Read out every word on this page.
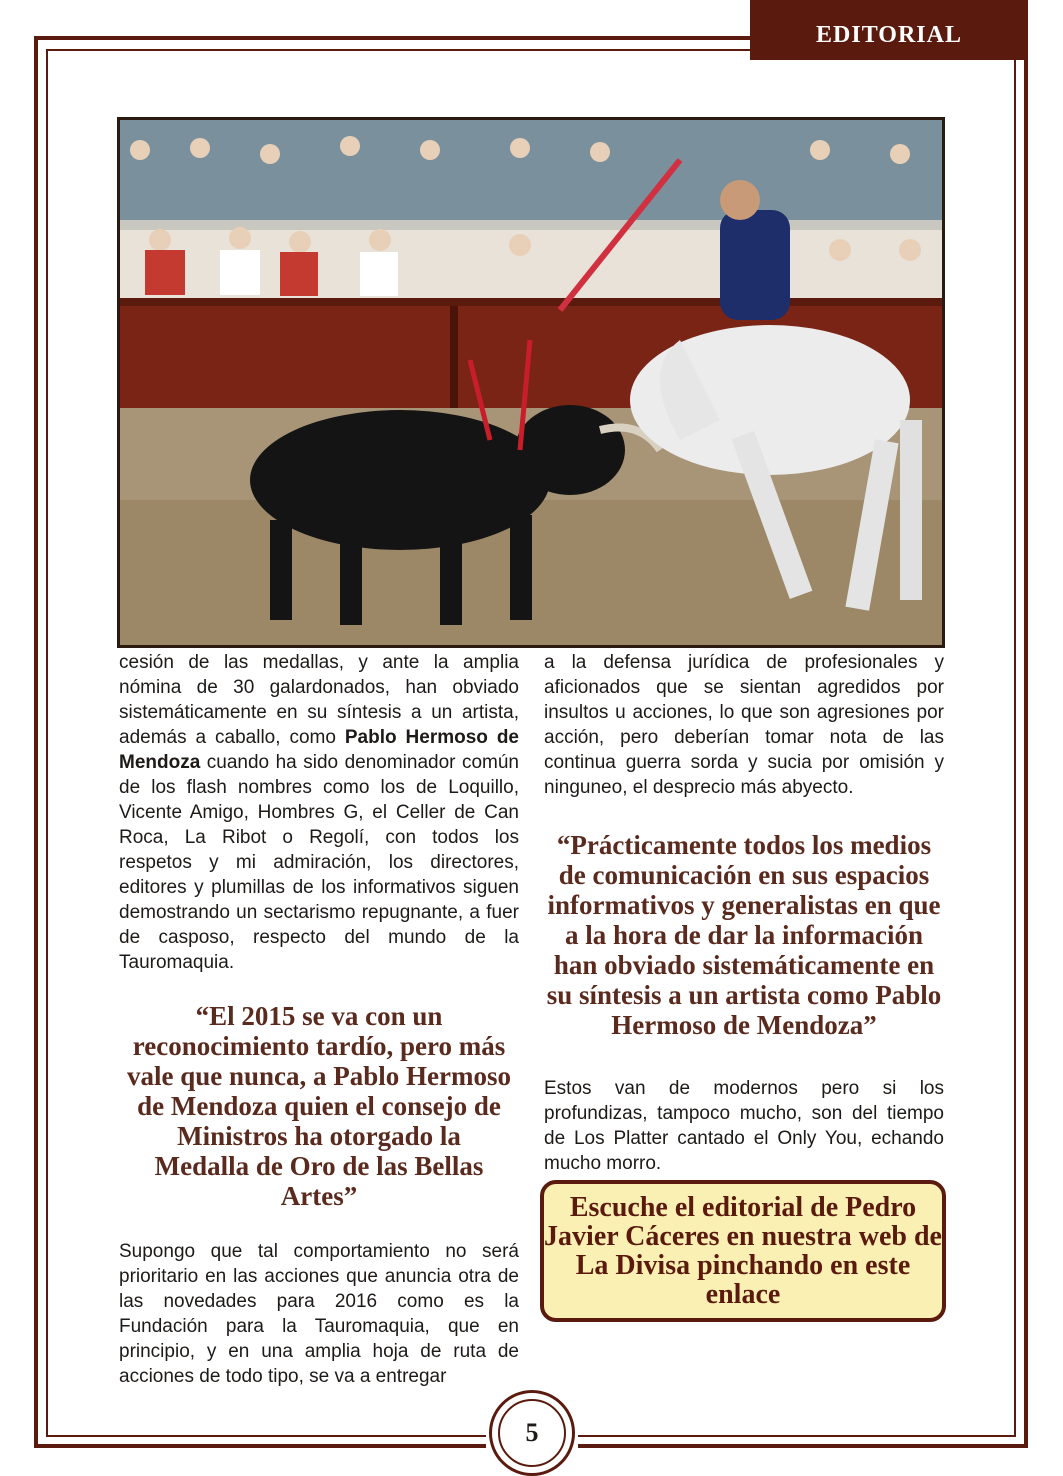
EDITORIAL

cesión de las medallas, y ante la amplia nómina de 30 galardonados, han obviado sistemáticamente en su síntesis a un artista, además a caballo, como Pablo Hermoso de Mendoza cuando ha sido denominador común de los flash nombres como los de Loquillo, Vicente Amigo, Hombres G, el Celler de Can Roca, La Ribot o Regolí, con todos los respetos y mi admiración, los directores, editores y plumillas de los informativos siguen demostrando un sectarismo repugnante, a fuer de casposo, respecto del mundo de la Tauromaquia.

“El 2015 se va con un reconocimiento tardío, pero más vale que nunca, a Pablo Hermoso de Mendoza quien el consejo de Ministros ha otorgado la Medalla de Oro de las Bellas Artes”

Supongo que tal comportamiento no será prioritario en las acciones que anuncia otra de las novedades para 2016 como es la Fundación para la Tauromaquia, que en principio, y en una amplia hoja de ruta de acciones de todo tipo, se va a entregar

a la defensa jurídica de profesionales y aficionados que se sientan agredidos por insultos u acciones, lo que son agresiones por acción, pero deberían tomar nota de las continua guerra sorda y sucia por omisión y ninguneo, el desprecio más abyecto.

“Prácticamente todos los medios de comunicación en sus espacios informativos y generalistas en que a la hora de dar la información han obviado sistemáticamente en su síntesis a un artista como Pablo Hermoso de Mendoza”

Estos van de modernos pero si los profundizas, tampoco mucho, son del tiempo de Los Platter cantado el Only You, echando mucho morro.

Escuche el editorial de Pedro Javier Cáceres en nuestra web de La Divisa pinchando en este enlace
5
